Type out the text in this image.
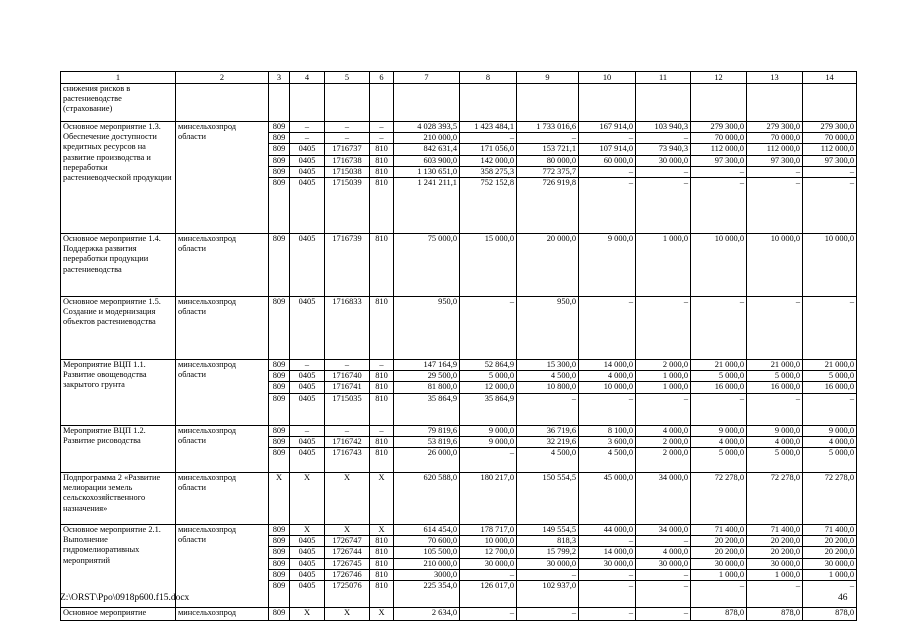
1	2	3	4	5	6	7	8	9	10	11	12	13	14
снижения рисков в растениеводстве (страхование)													
Основное мероприятие 1.3. Обеспечение доступности кредитных ресурсов на развитие производства и переработки растениеводческой продукции	минсельхозпрод области	809	–	–	–	4 028 393,5	1 423 484,1	1 733 016,6	167 914,0	103 940,3	279 300,0	279 300,0	279 300,0
		809	–	–	–	210 000,0	–	–	–	–	70 000,0	70 000,0	70 000,0
		809	0405	1716737	810	842 631,4	171 056,0	153 721,1	107 914,0	73 940,3	112 000,0	112 000,0	112 000,0
		809	0405	1716738	810	603 900,0	142 000,0	80 000,0	60 000,0	30 000,0	97 300,0	97 300,0	97 300,0
		809	0405	1715038	810	1 130 651,0	358 275,3	772 375,7	–	–	–	–	–
		809	0405	1715039	810	1 241 211,1	752 152,8	726 919,8	–	–	–	–	–
Основное мероприятие 1.4. Поддержка развития переработки продукции растениеводства	минсельхозпрод области	809	0405	1716739	810	75 000,0	15 000,0	20 000,0	9 000,0	1 000,0	10 000,0	10 000,0	10 000,0
Основное мероприятие 1.5. Создание и модернизация объектов растениеводства	минсельхозпрод области	809	0405	1716833	810	950,0	–	950,0	–	–	–	–	–
Мероприятие ВЦП 1.1. Развитие овощеводства закрытого грунта	минсельхозпрод области	809	–	–	–	147 164,9	52 864,9	15 300,0	14 000,0	2 000,0	21 000,0	21 000,0	21 000,0
		809	0405	1716740	810	29 500,0	5 000,0	4 500,0	4 000,0	1 000,0	5 000,0	5 000,0	5 000,0
		809	0405	1716741	810	81 800,0	12 000,0	10 800,0	10 000,0	1 000,0	16 000,0	16 000,0	16 000,0
		809	0405	1715035	810	35 864,9	35 864,9	–	–	–	–	–	–
Мероприятие ВЦП 1.2. Развитие рисоводства	минсельхозпрод области	809	–	–	–	79 819,6	9 000,0	36 719,6	8 100,0	4 000,0	9 000,0	9 000,0	9 000,0
		809	0405	1716742	810	53 819,6	9 000,0	32 219,6	3 600,0	2 000,0	4 000,0	4 000,0	4 000,0
		809	0405	1716743	810	26 000,0	–	4 500,0	4 500,0	2 000,0	5 000,0	5 000,0	5 000,0
Подпрограмма 2 «Развитие мелиорации земель сельскохозяйственного назначения»	минсельхозпрод области	X	X	X	X	620 588,0	180 217,0	150 554,5	45 000,0	34 000,0	72 278,0	72 278,0	72 278,0
Основное мероприятие 2.1. Выполнение гидромелиоративных мероприятий	минсельхозпрод области	809	X	X	X	614 454,0	178 717,0	149 554,5	44 000,0	34 000,0	71 400,0	71 400,0	71 400,0
		809	0405	1726747	810	70 600,0	10 000,0	818,3	–	–	20 200,0	20 200,0	20 200,0
		809	0405	1726744	810	105 500,0	12 700,0	15 799,2	14 000,0	4 000,0	20 200,0	20 200,0	20 200,0
		809	0405	1726745	810	210 000,0	30 000,0	30 000,0	30 000,0	30 000,0	30 000,0	30 000,0	30 000,0
		809	0405	1726746	810	3000,0	–	–	–	–	1 000,0	1 000,0	1 000,0
		809	0405	1725076	810	225 354,0	126 017,0	102 937,0	–	–	–	–	–
Основное мероприятие	минсельхозпрод	809	X	X	X	2 634,0	–	–	–	–	878,0	878,0	878,0
Z:\ORST\Ppo\0918p600.f15.docx	46
